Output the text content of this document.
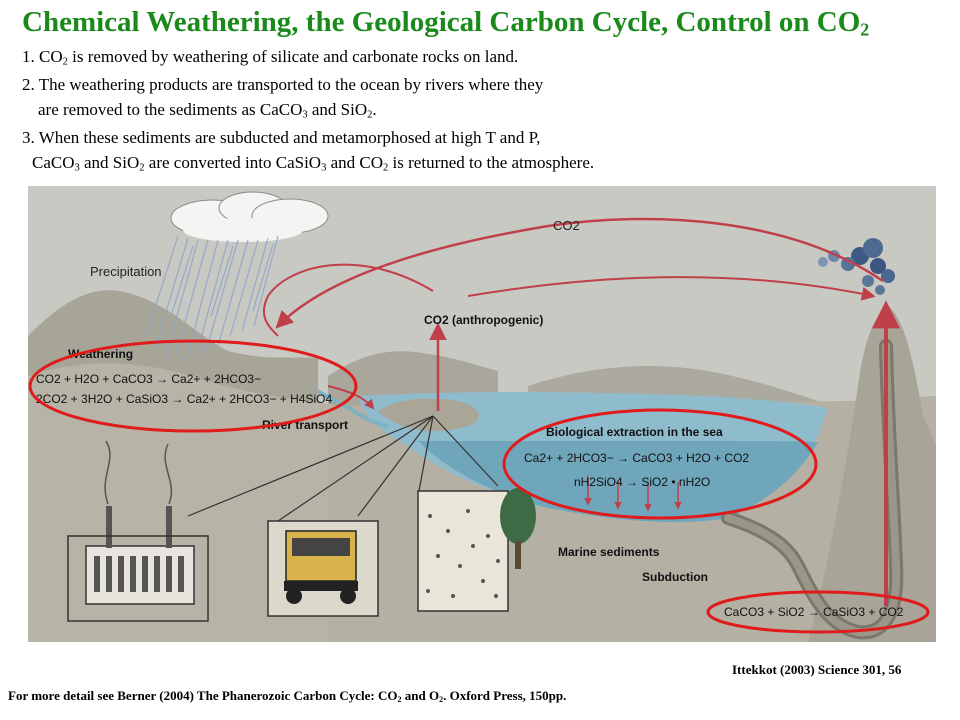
Chemical Weathering, the Geological Carbon Cycle, Control on $CO_2$
1. $CO_2$ is removed by weathering of silicate and carbonate rocks on land.
2. The weathering products are transported to the ocean by rivers where they
are removed to the sediments as CaCO$_3$ and SiO$_2$.
3. When these sediments are subducted and metamorphosed at high T and P,
CaCO$_3$ and SiO$_2$ are converted into CaSiO$_3$ and $CO_2$ is returned to the atmosphere.
Precipitation
CO2
CO2 (anthropogenic)
Weathering
CO2 + H2O + CaCO3 → Ca2+ + 2HCO3−
2CO2 + 3H2O + CaSiO3 → Ca2+ + 2HCO3− + H4SiO4
River transport	Biological extraction in the sea
Ca2+ + 2HCO3− → CaCO3 + H2O + CO2
nH2SiO4 → SiO2 • nH2O
Marine sediments
Subduction
CaCO3 + SiO2 → CaSiO3 + CO2
Ittekkot (2003) Science 301, 56
For more detail see Berner (2004) The Phanerozoic Carbon Cycle: $CO_2$ and $O_2$. Oxford Press, 150pp.
